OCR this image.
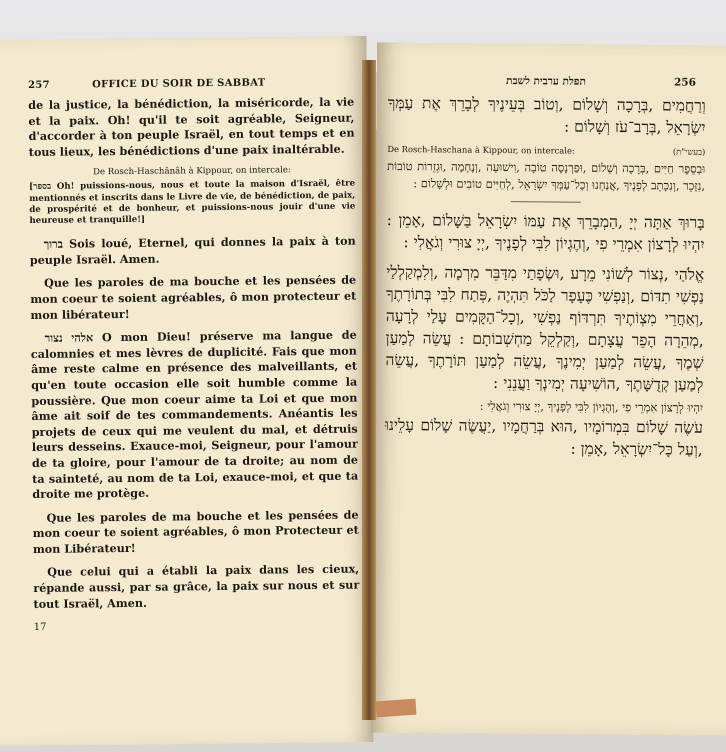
257	OFFICE DU SOIR DE SABBAT

de la justice, la bénédiction, la miséricorde, la vie et la paix. Oh! qu'il te soit agréable, Seigneur, d'accorder à ton peuple Israël, en tout temps et en tous lieux, les bénédictions d'une paix inaltérable.

De Rosch-Haschânâh à Kippour, on intercale:

[בספר Oh! puissions-nous, nous et toute la maison d'Israël, être mentionnés et inscrits dans le Livre de vie, de bénédiction, de paix, de prospérité et de bonheur, et puissions-nous jouir d'une vie heureuse et tranquille!]

ברוך Sois loué, Eternel, qui donnes la paix à ton peuple Israël. Amen.

Que les paroles de ma bouche et les pensées de mon coeur te soient agréables, ô mon protecteur et mon libérateur!

אלהי נצור O mon Dieu! préserve ma langue de calomnies et mes lèvres de duplicité. Fais que mon âme reste calme en présence des malveillants, et qu'en toute occasion elle soit humble comme la poussière. Que mon coeur aime ta Loi et que mon âme ait soif de tes commandements. Anéantis les projets de ceux qui me veulent du mal, et détruis leurs desseins. Exauce-moi, Seigneur, pour l'amour de ta gloire, pour l'amour de ta droite; au nom de ta sainteté, au nom de ta Loi, exauce-moi, et que ta droite me protège.

Que les paroles de ma bouche et les pensées de mon coeur te soient agréables, ô mon Protecteur et mon Libérateur!

Que celui qui a établi la paix dans les cieux, répande aussi, par sa grâce, la paix sur nous et sur tout Israël, Amen.

17
תפלת ערבית לשבת	256

וְרַחֲמִים ,בְּרָכָה וְשָׁלוֹם ,וְטוֹב בְּעֵינֶיךָ לְבָרֵךְ אֶת עַמְּךָ יִשְׂרָאֵל ,בְּרָב־עֹז וְשָׁלוֹם :

De Rosch-Haschana à Kippour, on intercale:	(בעשי"ת)

וּבְסֵפֶר חַיִּים ,בְּרָכָה וְשָׁלוֹם ,וּפַרְנָסָה טוֹבָה ,וִישׁוּעָה ,וְנֶחָמָה ,וּגְזֵרוֹת טוֹבוֹת ,נִזָּכֵר ,וְנִכָּתֵב לְפָנֶיךָ ,אֲנַחְנוּ וְכָל־עַמְּךָ יִשְׂרָאֵל ,לְחַיִּים טוֹבִים וּלְשָׁלוֹם :

בָּרוּךְ אַתָּה יְיָ ,הַמְבָרֵךְ אֶת עַמּוֹ יִשְׂרָאֵל בַּשָּׁלוֹם ,אָמֵן : יִהְיוּ לְרָצוֹן אִמְרֵי פִי ,וְהֶגְיוֹן לִבִּי לְפָנֶיךָ ,יְיָ צוּרִי וְגֹאֲלִי :

אֱלֹהַי ,נְצוֹר לְשׁוֹנִי מֵרָע ,וּשְׂפָתַי מִדַּבֵּר מִרְמָה ,וְלִמְקַלְלַי נַפְשִׁי תִדּוֹם ,וְנַפְשִׁי כֶּעָפָר לַכֹּל תִּהְיֶה ,פְּתַח לִבִּי בְּתוֹרָתֶךָ ,וְאַחֲרֵי מִצְוֹתֶיךָ תִּרְדּוֹף נַפְשִׁי ,וְכָל־הַקָּמִים עָלַי לְרָעָה ,מְהֵרָה הָפֵר עֲצָתָם ,וְקַלְקֵל מַחְשְׁבוֹתָם : עֲשֵׂה לְמַעַן שְׁמֶךָ ,עֲשֵׂה לְמַעַן יְמִינֶךָ ,עֲשֵׂה לְמַעַן תּוֹרָתֶךָ ,עֲשֵׂה לְמַעַן קְדֻשָּׁתֶךָ ,הוֹשִׁיעָה יְמִינְךָ וַעֲנֵנִי :

יִהְיוּ לְרָצוֹן אִמְרֵי פִי ,וְהֶגְיוֹן לִבִּי לְפָנֶיךָ ,יְיָ צוּרִי וְגֹאֲלִי :

עֹשֶׂה שָׁלוֹם בִּמְרוֹמָיו ,הוּא בְּרַחֲמָיו ,יַעֲשֶׂה שָׁלוֹם עָלֵינוּ ,וְעַל כָּל־יִשְׂרָאֵל ,אָמֵן :
